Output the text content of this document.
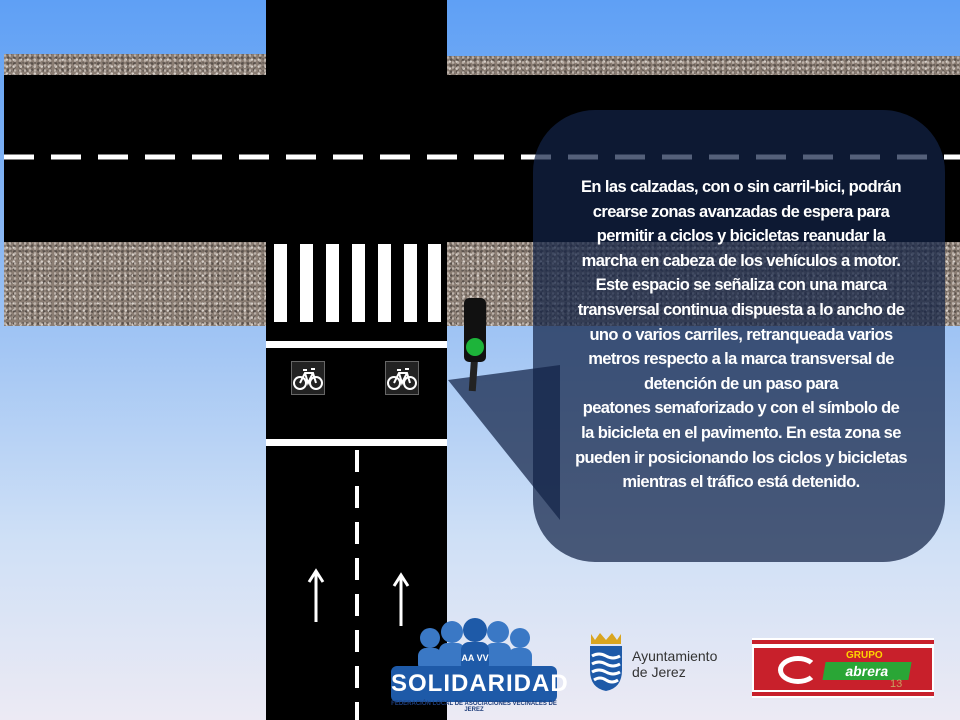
En las calzadas, con o sin carril-bici, podrán
crearse zonas avanzadas de espera para
permitir a ciclos y bicicletas reanudar la
marcha en cabeza de los vehículos a motor.
Este espacio se señaliza con una marca
transversal continua dispuesta a lo ancho de
uno o varios carriles, retranqueada varios
metros respecto a la marca transversal de
detención de un paso para
peatones semaforizado y con el símbolo de
la bicicleta en el pavimento. En esta zona se
pueden ir posicionando los ciclos y bicicletas
mientras el tráfico está detenido.
AA VV
SOLIDARIDAD
FEDERACIÓN LOCAL DE ASOCIACIONES VECINALES DE JEREZ
Ayuntamiento
de Jerez
GRUPO
abrera
13
